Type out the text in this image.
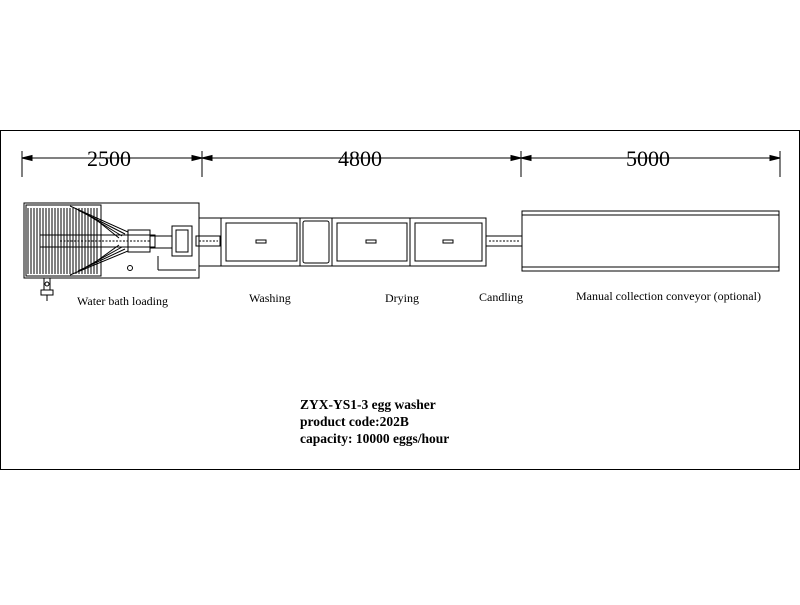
2500	4800	5000
Water bath loading	Washing	Drying	Candling	Manual collection conveyor (optional)
ZYX-YS1-3 egg washer
product code:202B
capacity: 10000 eggs/hour
